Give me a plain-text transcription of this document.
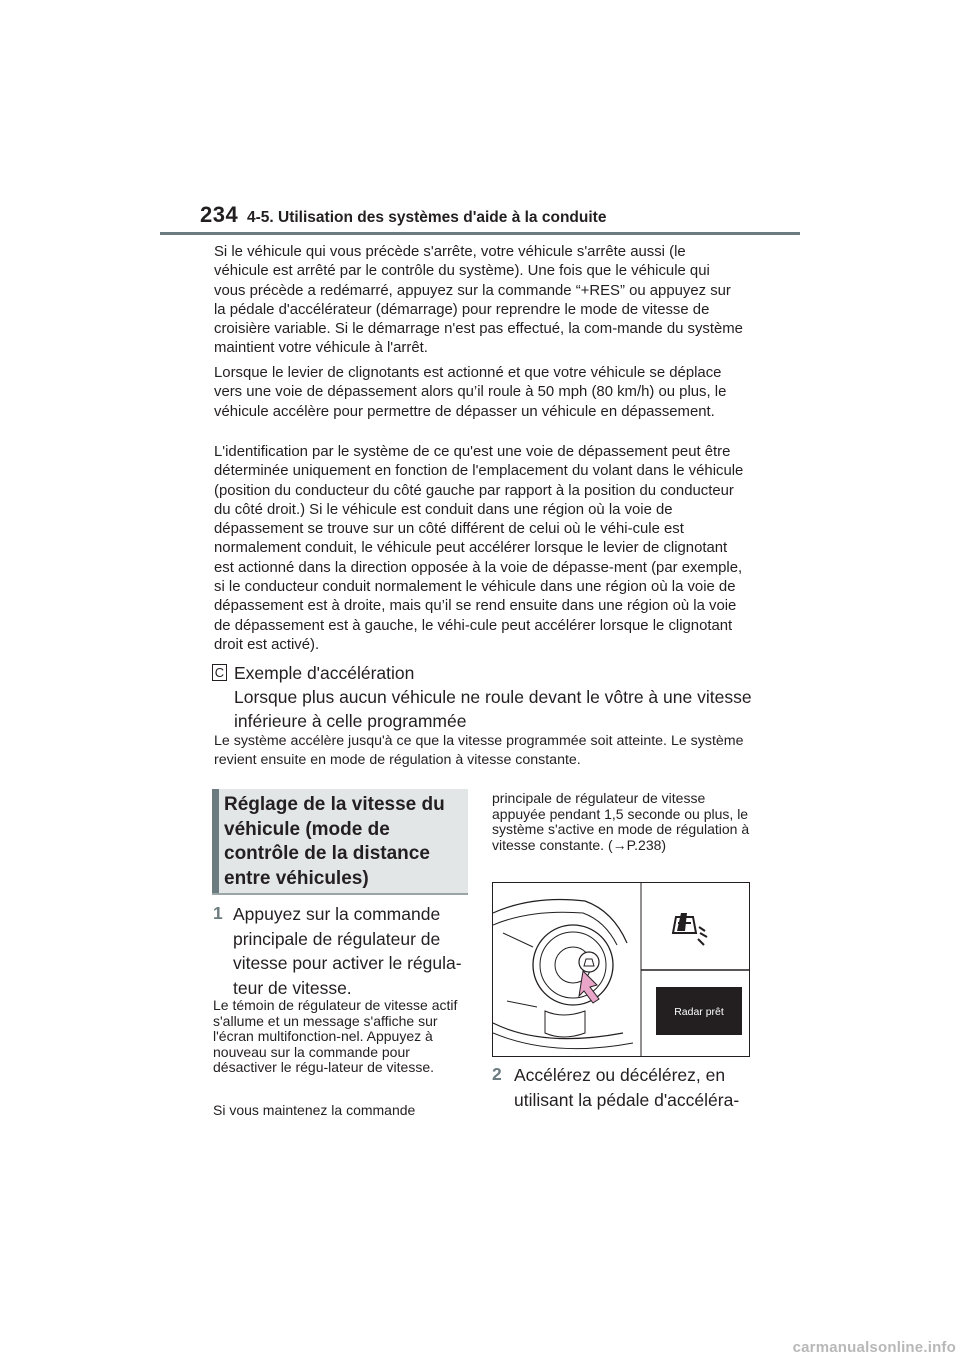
234 4-5. Utilisation des systèmes d'aide à la conduite
Si le véhicule qui vous précède s'arrête, votre véhicule s'arrête aussi (le véhicule est arrêté par le contrôle du système). Une fois que le véhicule qui vous précède a redémarré, appuyez sur la commande “+RES” ou appuyez sur la pédale d'accélérateur (démarrage) pour reprendre le mode de vitesse de croisière variable. Si le démarrage n'est pas effectué, la com-mande du système maintient votre véhicule à l'arrêt.
Lorsque le levier de clignotants est actionné et que votre véhicule se déplace vers une voie de dépassement alors qu’il roule à 50 mph (80 km/h) ou plus, le véhicule accélère pour permettre de dépasser un véhicule en dépassement.
L'identification par le système de ce qu'est une voie de dépassement peut être déterminée uniquement en fonction de l'emplacement du volant dans le véhicule (position du conducteur du côté gauche par rapport à la position du conducteur du côté droit.) Si le véhicule est conduit dans une région où la voie de dépassement se trouve sur un côté différent de celui où le véhi-cule est normalement conduit, le véhicule peut accélérer lorsque le levier de clignotant est actionné dans la direction opposée à la voie de dépasse-ment (par exemple, si le conducteur conduit normalement le véhicule dans une région où la voie de dépassement est à droite, mais qu’il se rend ensuite dans une région où la voie de dépassement est à gauche, le véhi-cule peut accélérer lorsque le clignotant droit est activé).
C Exemple d'accélération
Lorsque plus aucun véhicule ne roule devant le vôtre à une vitesse inférieure à celle programmée
Le système accélère jusqu'à ce que la vitesse programmée soit atteinte. Le système revient ensuite en mode de régulation à vitesse constante.
Réglage de la vitesse du véhicule (mode de contrôle de la distance entre véhicules)
1 Appuyez sur la commande principale de régulateur de vitesse pour activer le régula-teur de vitesse.
Le témoin de régulateur de vitesse actif s'allume et un message s'affiche sur l'écran multifonction-nel. Appuyez à nouveau sur la commande pour désactiver le régu-lateur de vitesse.
Si vous maintenez la commande
principale de régulateur de vitesse appuyée pendant 1,5 seconde ou plus, le système s'active en mode de régulation à vitesse constante. (→P.238)
Radar prêt
2 Accélérez ou décélérez, en utilisant la pédale d'accéléra-
carmanualsonline.info
